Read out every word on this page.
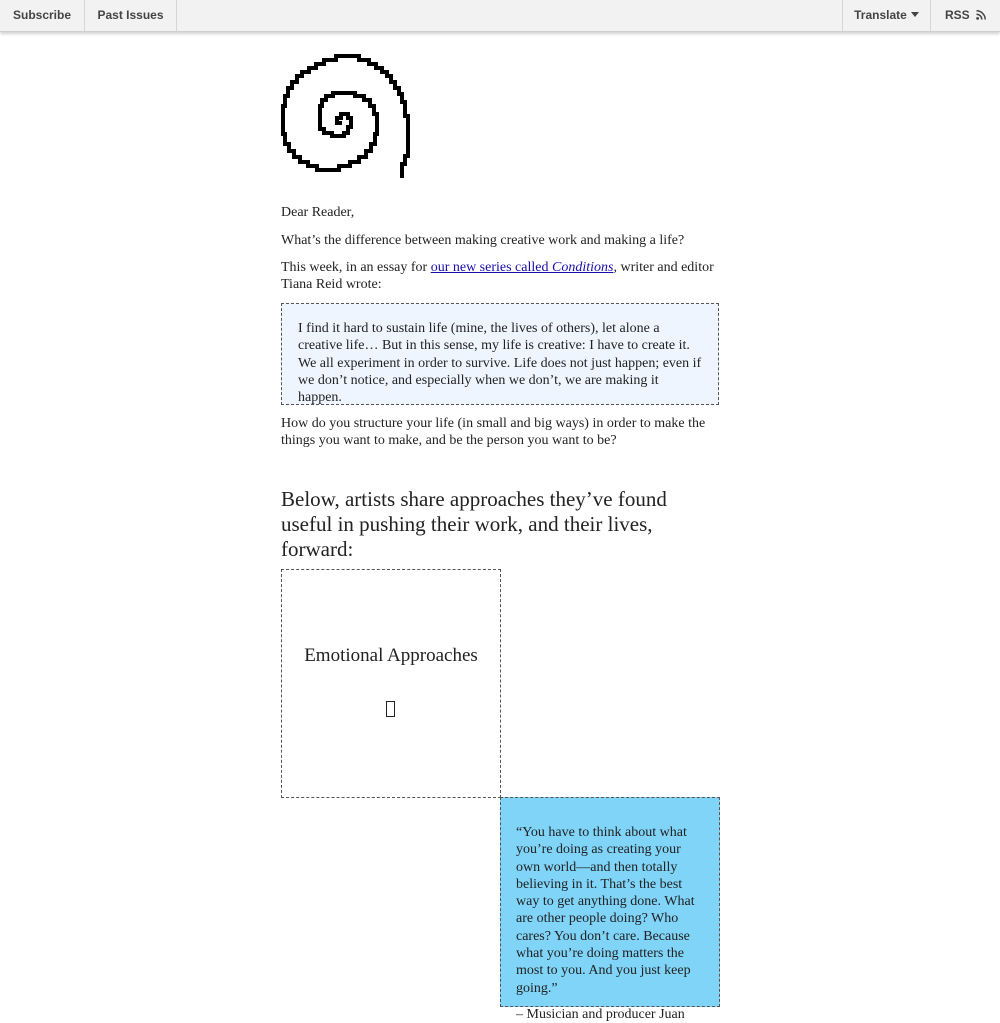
Subscribe	Past Issues	Translate	RSS

Dear Reader,

What’s the difference between making creative work and making a life?

This week, in an essay for our new series called Conditions, writer and editor Tiana Reid wrote:

I find it hard to sustain life (mine, the lives of others), let alone a creative life… But in this sense, my life is creative: I have to create it. We all experiment in order to survive. Life does not just happen; even if we don’t notice, and especially when we don’t, we are making it happen.

How do you structure your life (in small and big ways) in order to make the things you want to make, and be the person you want to be?

Below, artists share approaches they’ve found useful in pushing their work, and their lives, forward:
Emotional Approaches
“You have to think about what you’re doing as creating your own world—and then totally believing in it. That’s the best way to get anything done. What are other people doing? Who cares? You don’t care. Because what you’re doing matters the most to you. And you just keep going.”
– Musician and producer Juan
